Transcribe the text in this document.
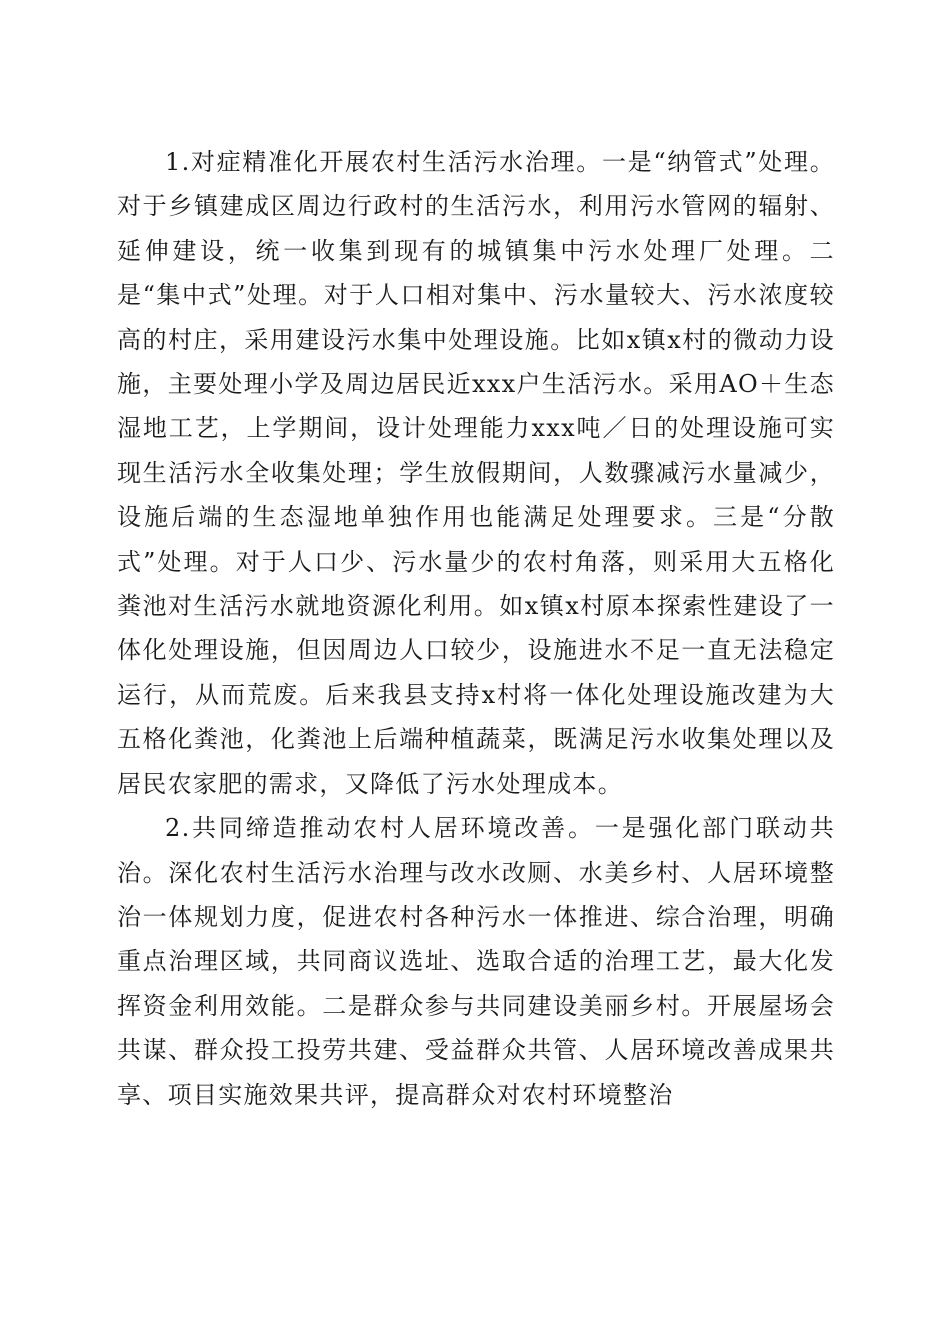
1.对症精准化开展农村生活污水治理。一是“纳管式”处理。对于乡镇建成区周边行政村的生活污水，利用污水管网的辐射、延伸建设，统一收集到现有的城镇集中污水处理厂处理。二是“集中式”处理。对于人口相对集中、污水量较大、污水浓度较高的村庄，采用建设污水集中处理设施。比如x镇x村的微动力设施，主要处理小学及周边居民近xxx户生活污水。采用AO＋生态湿地工艺，上学期间，设计处理能力xxx吨／日的处理设施可实现生活污水全收集处理；学生放假期间，人数骤减污水量减少，设施后端的生态湿地单独作用也能满足处理要求。三是“分散式”处理。对于人口少、污水量少的农村角落，则采用大五格化粪池对生活污水就地资源化利用。如x镇x村原本探索性建设了一体化处理设施，但因周边人口较少，设施进水不足一直无法稳定运行，从而荒废。后来我县支持x村将一体化处理设施改建为大五格化粪池，化粪池上后端种植蔬菜，既满足污水收集处理以及居民农家肥的需求，又降低了污水处理成本。

2.共同缔造推动农村人居环境改善。一是强化部门联动共治。深化农村生活污水治理与改水改厕、水美乡村、人居环境整治一体规划力度，促进农村各种污水一体推进、综合治理，明确重点治理区域，共同商议选址、选取合适的治理工艺，最大化发挥资金利用效能。二是群众参与共同建设美丽乡村。开展屋场会共谋、群众投工投劳共建、受益群众共管、人居环境改善成果共享、项目实施效果共评，提高群众对农村环境整治
